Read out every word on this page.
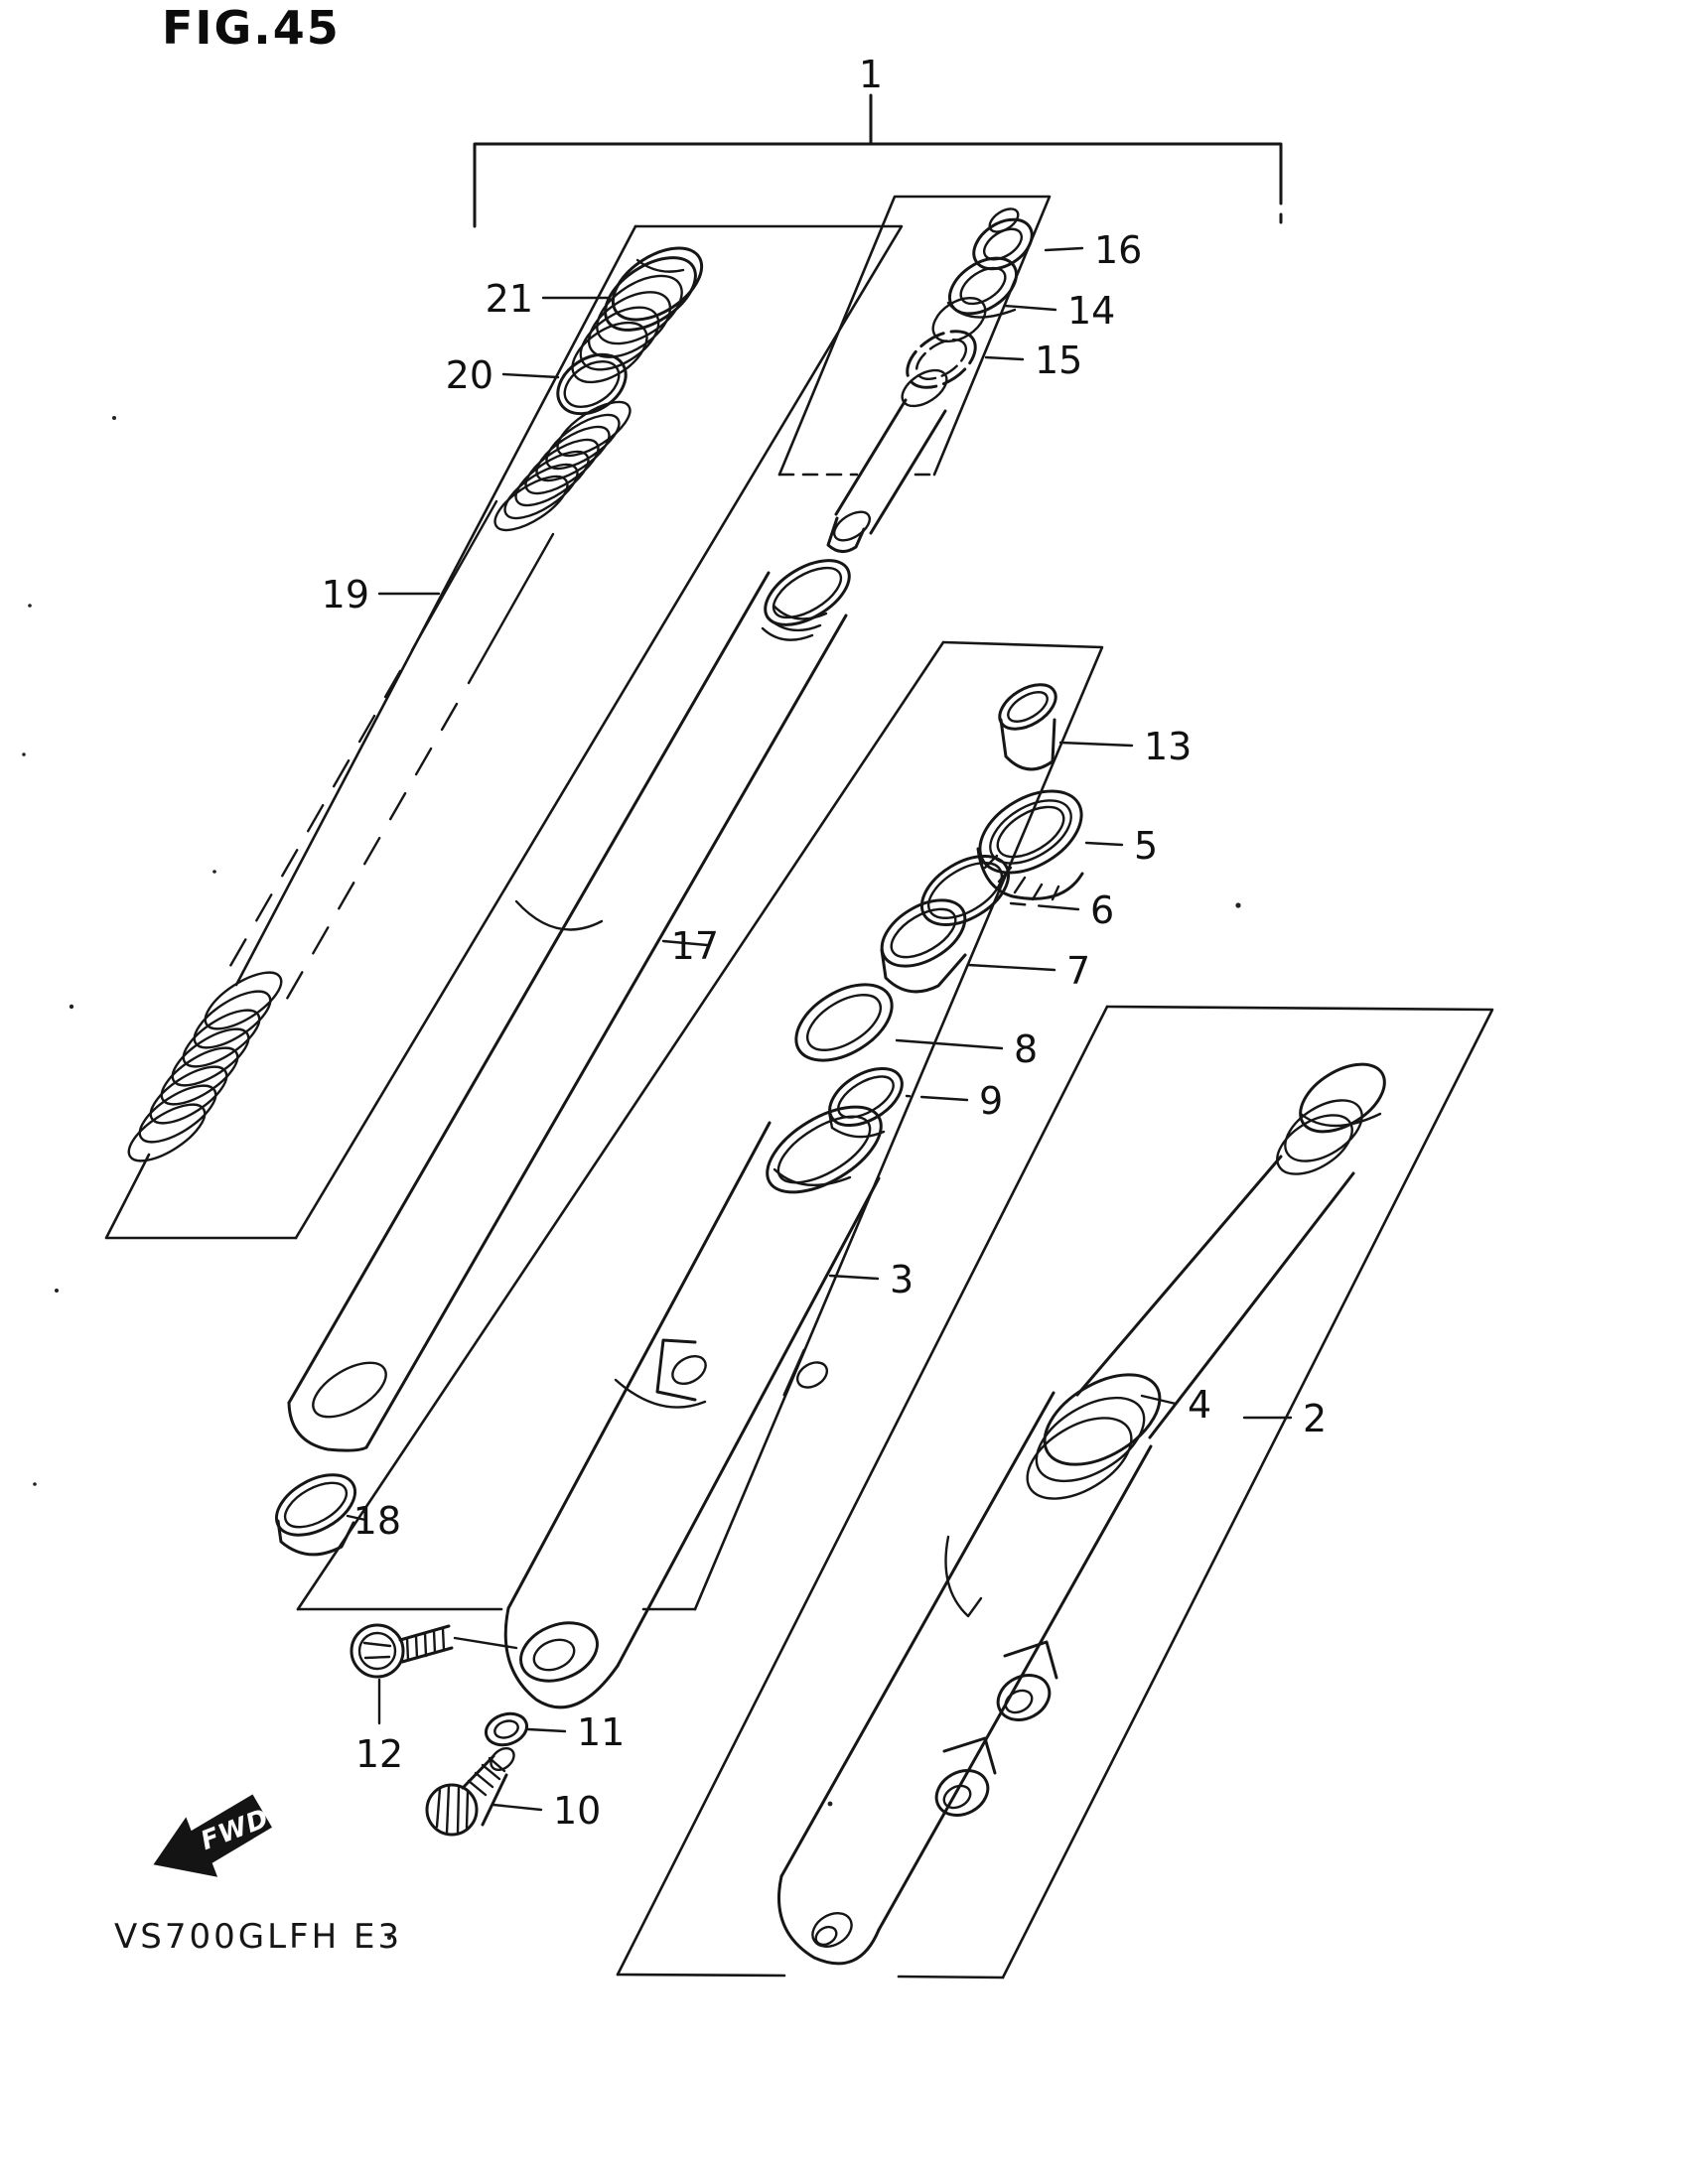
1
2
3
4
5
6
7
8
9
10
11
12
13
14
15
16
17
18
19
20
21
FWD
FIG.45
VS700GLFH E3
